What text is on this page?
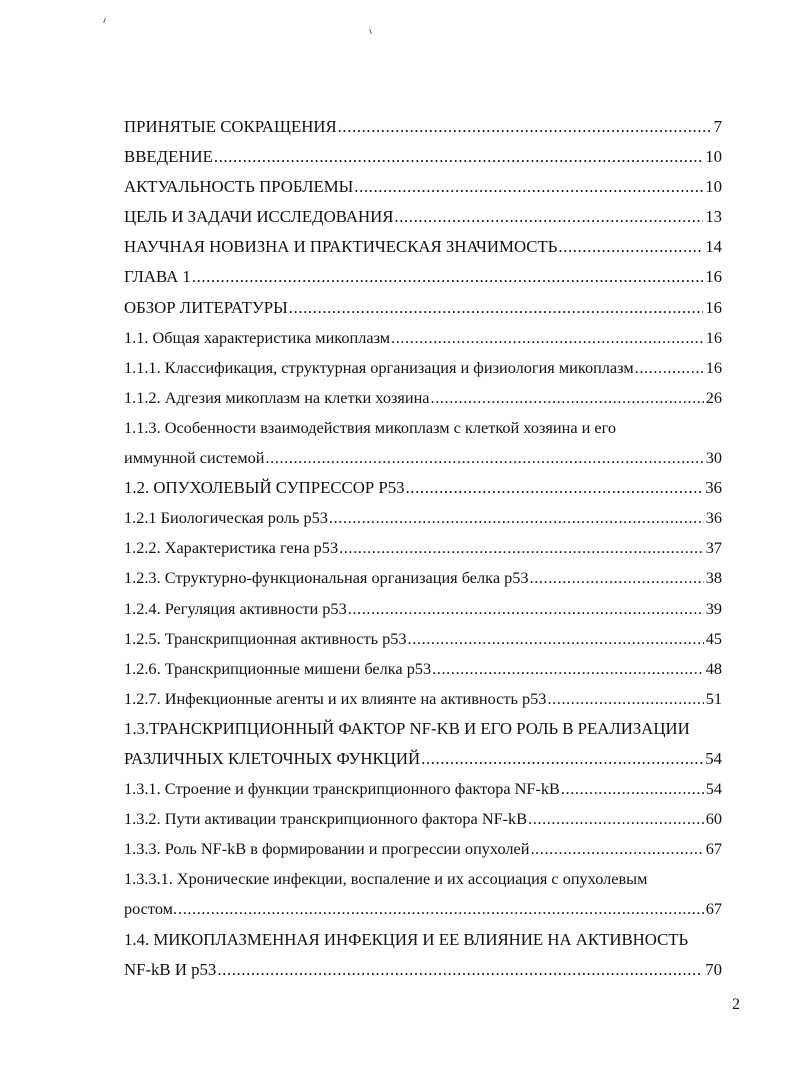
ПРИНЯТЫЕ СОКРАЩЕНИЯ .....	7
ВВЕДЕНИЕ .....	10
АКТУАЛЬНОСТЬ ПРОБЛЕМЫ .....	10
ЦЕЛЬ И ЗАДАЧИ ИССЛЕДОВАНИЯ .....	13
НАУЧНАЯ НОВИЗНА И ПРАКТИЧЕСКАЯ ЗНАЧИМОСТЬ .....	14
ГЛАВА 1 .....	16
ОБЗОР ЛИТЕРАТУРЫ .....	16
1.1. Общая характеристика микоплазм .....	16
1.1.1. Классификация, структурная организация и физиология микоплазм .....	16
1.1.2. Адгезия микоплазм на клетки хозяина .....	26
1.1.3. Особенности взаимодействия микоплазм с клеткой хозяина и его
иммунной системой .....	30
1.2. ОПУХОЛЕВЫЙ СУПРЕССОР Р53 .....	36
1.2.1 Биологическая роль p53 .....	36
1.2.2. Характеристика гена p53 .....	37
1.2.3. Структурно-функциональная организация белка p53 .....	38
1.2.4. Регуляция активности p53 .....	39
1.2.5. Транскрипционная активность p53 .....	45
1.2.6. Транскрипционные мишени белка p53 .....	48
1.2.7. Инфекционные агенты и их влиянте на активность p53 .....	51
1.3.ТРАНСКРИПЦИОННЫЙ ФАКТОР NF-KB И ЕГО РОЛЬ В РЕАЛИЗАЦИИ
РАЗЛИЧНЫХ КЛЕТОЧНЫХ ФУНКЦИЙ .....	54
1.3.1. Строение и функции транскрипционного фактора NF-kB .....	54
1.3.2. Пути активации транскрипционного фактора NF-kB .....	60
1.3.3. Роль NF-kB в формировании и прогрессии опухолей .....	67
1.3.3.1. Хронические инфекции, воспаление и их ассоциация с опухолевым
ростом. .....	67
1.4. МИКОПЛАЗМЕННАЯ ИНФЕКЦИЯ И ЕЕ ВЛИЯНИЕ НА АКТИВНОСТЬ
NF-kB И p53 .....	70
2
